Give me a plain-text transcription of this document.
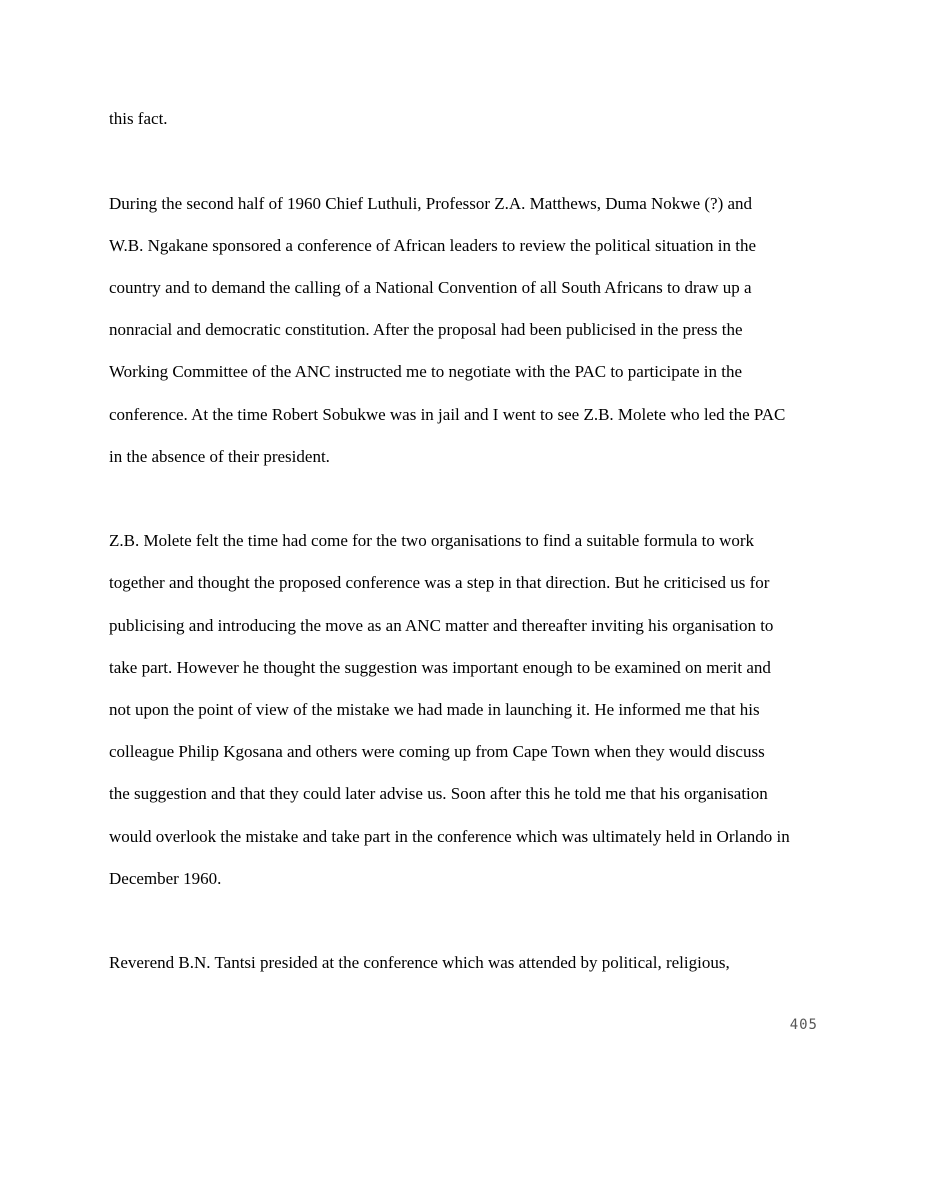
this fact.

During the second half of 1960 Chief Luthuli, Professor Z.A. Matthews, Duma Nokwe (?) and

W.B. Ngakane sponsored a conference of African leaders to review the political situation in the

country and to demand the calling of a National Convention of all South Africans to draw up a

nonracial and democratic constitution. After the proposal had been publicised in the press the

Working Committee of the ANC instructed me to negotiate with the PAC to participate in the

conference. At the time Robert Sobukwe was in jail and I went to see Z.B. Molete who led the PAC

in the absence of their president.

Z.B. Molete felt the time had come for the two organisations to find a suitable formula to work

together and thought the proposed conference was a step in that direction. But he criticised us for

publicising and introducing the move as an ANC matter and thereafter inviting his organisation to

take part. However he thought the suggestion was important enough to be examined on merit and

not upon the point of view of the mistake we had made in launching it. He informed me that his

colleague Philip Kgosana and others were coming up from Cape Town when they would discuss

the suggestion and that they could later advise us. Soon after this he told me that his organisation

would overlook the mistake and take part in the conference which was ultimately held in Orlando in

December 1960.

Reverend B.N. Tantsi presided at the conference which was attended by political, religious,

405
